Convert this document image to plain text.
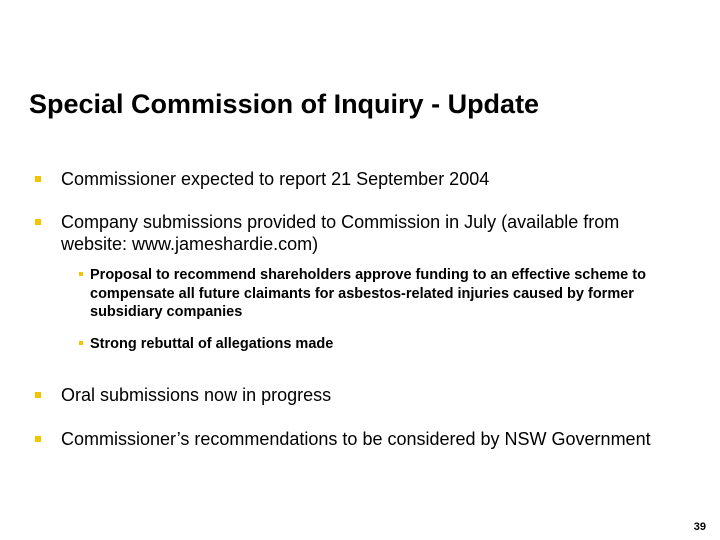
Special Commission of Inquiry - Update
Commissioner expected to report 21 September 2004
Company submissions provided to Commission in July (available from website: www.jameshardie.com)
Proposal to recommend shareholders approve funding to an effective scheme to compensate all future claimants for asbestos-related injuries caused by former subsidiary companies
Strong rebuttal of allegations made
Oral submissions now in progress
Commissioner’s recommendations to be considered by NSW Government
39
